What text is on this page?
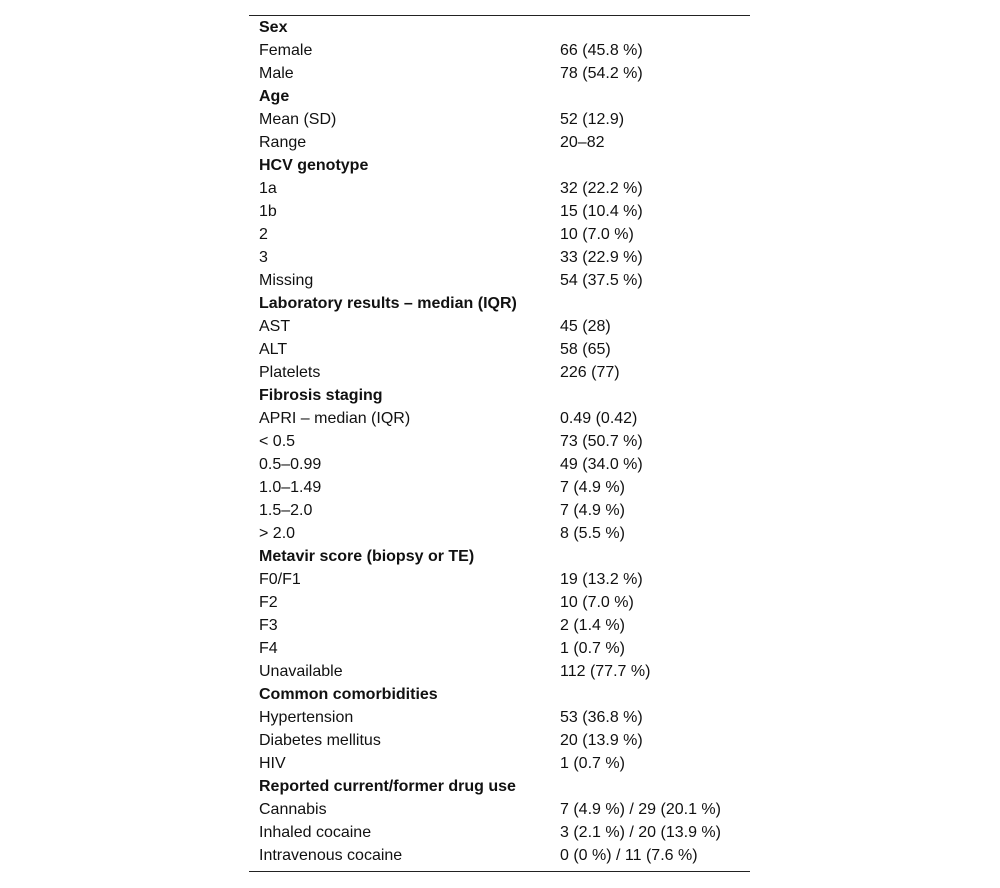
Sex	
Female	66 (45.8 %)
Male	78 (54.2 %)
Age	
Mean (SD)	52 (12.9)
Range	20–82
HCV genotype	
1a	32 (22.2 %)
1b	15 (10.4 %)
2	10 (7.0 %)
3	33 (22.9 %)
Missing	54 (37.5 %)
Laboratory results – median (IQR)	
AST	45 (28)
ALT	58 (65)
Platelets	226 (77)
Fibrosis staging	
APRI – median (IQR)	0.49 (0.42)
< 0.5	73 (50.7 %)
0.5–0.99	49 (34.0 %)
1.0–1.49	7 (4.9 %)
1.5–2.0	7 (4.9 %)
> 2.0	8 (5.5 %)
Metavir score (biopsy or TE)	
F0/F1	19 (13.2 %)
F2	10 (7.0 %)
F3	2 (1.4 %)
F4	1 (0.7 %)
Unavailable	112 (77.7 %)
Common comorbidities	
Hypertension	53 (36.8 %)
Diabetes mellitus	20 (13.9 %)
HIV	1 (0.7 %)
Reported current/former drug use	
Cannabis	7 (4.9 %) / 29 (20.1 %)
Inhaled cocaine	3 (2.1 %) / 20 (13.9 %)
Intravenous cocaine	0 (0 %) / 11 (7.6 %)
